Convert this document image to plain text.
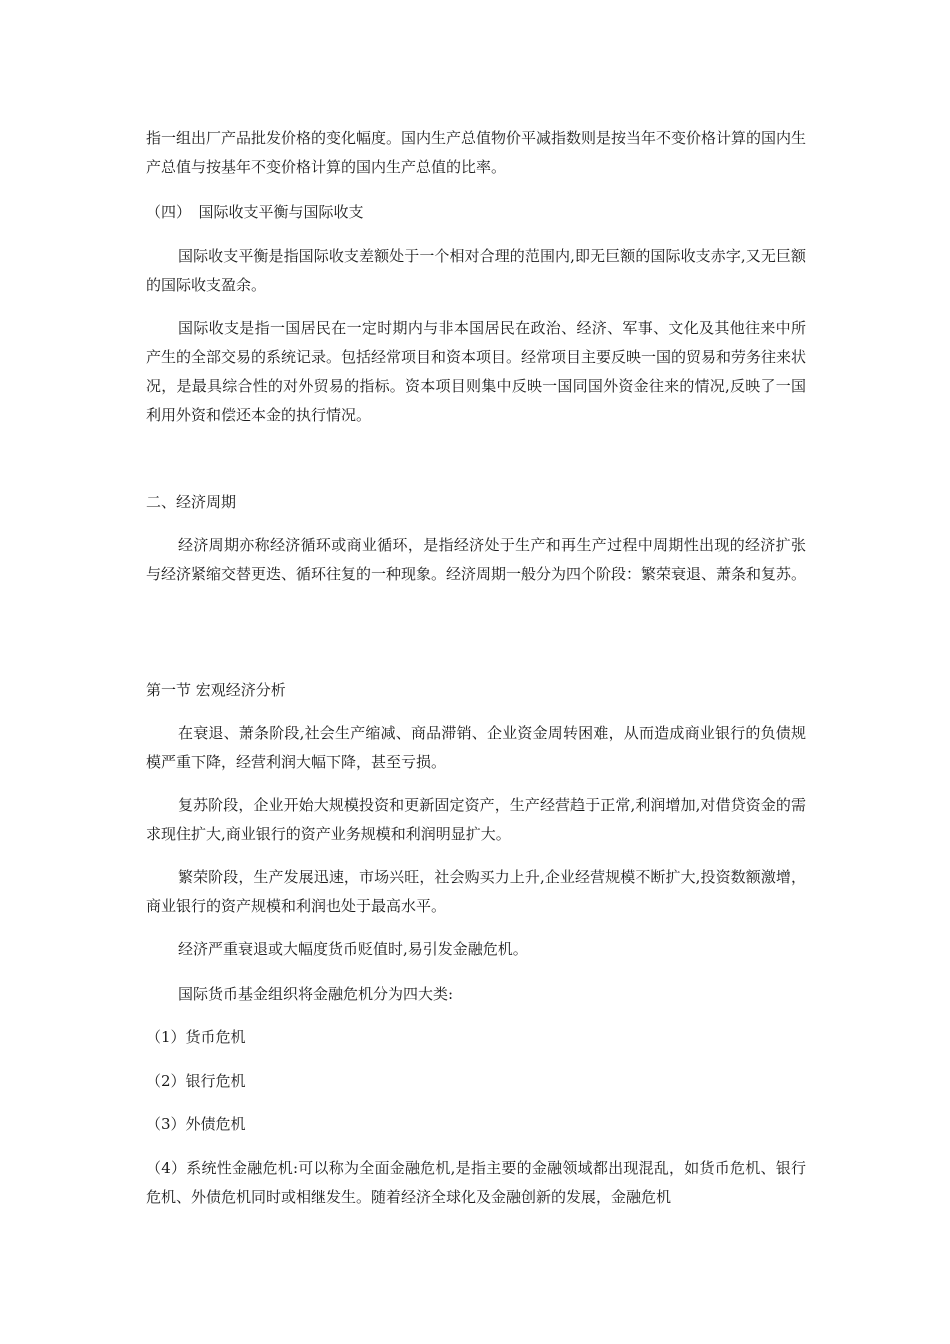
指一组出厂产品批发价格的变化幅度。国内生产总值物价平减指数则是按当年不变价格计算的国内生产总值与按基年不变价格计算的国内生产总值的比率。

（四）　国际收支平衡与国际收支

国际收支平衡是指国际收支差额处于一个相对合理的范围内,即无巨额的国际收支赤字,又无巨额的国际收支盈余。

国际收支是指一国居民在一定时期内与非本国居民在政治、经济、军事、文化及其他往来中所产生的全部交易的系统记录。包括经常项目和资本项目。经常项目主要反映一国的贸易和劳务往来状况，是最具综合性的对外贸易的指标。资本项目则集中反映一国同国外资金往来的情况,反映了一国利用外资和偿还本金的执行情况。

二、经济周期

经济周期亦称经济循环或商业循环，是指经济处于生产和再生产过程中周期性出现的经济扩张与经济紧缩交替更迭、循环往复的一种现象。经济周期一般分为四个阶段：繁荣衰退、萧条和复苏。

第一节 宏观经济分析

在衰退、萧条阶段,社会生产缩减、商品滞销、企业资金周转困难，从而造成商业银行的负债规模严重下降，经营利润大幅下降，甚至亏损。

复苏阶段，企业开始大规模投资和更新固定资产，生产经营趋于正常,利润增加,对借贷资金的需求现住扩大,商业银行的资产业务规模和利润明显扩大。

繁荣阶段，生产发展迅速，市场兴旺，社会购买力上升,企业经营规模不断扩大,投资数额激增，商业银行的资产规模和利润也处于最高水平。

经济严重衰退或大幅度货币贬值时,易引发金融危机。

国际货币基金组织将金融危机分为四大类:

（1）货币危机

（2）银行危机

（3）外债危机

（4）系统性金融危机:可以称为全面金融危机,是指主要的金融领域都出现混乱，如货币危机、银行危机、外债危机同时或相继发生。随着经济全球化及金融创新的发展，金融危机
